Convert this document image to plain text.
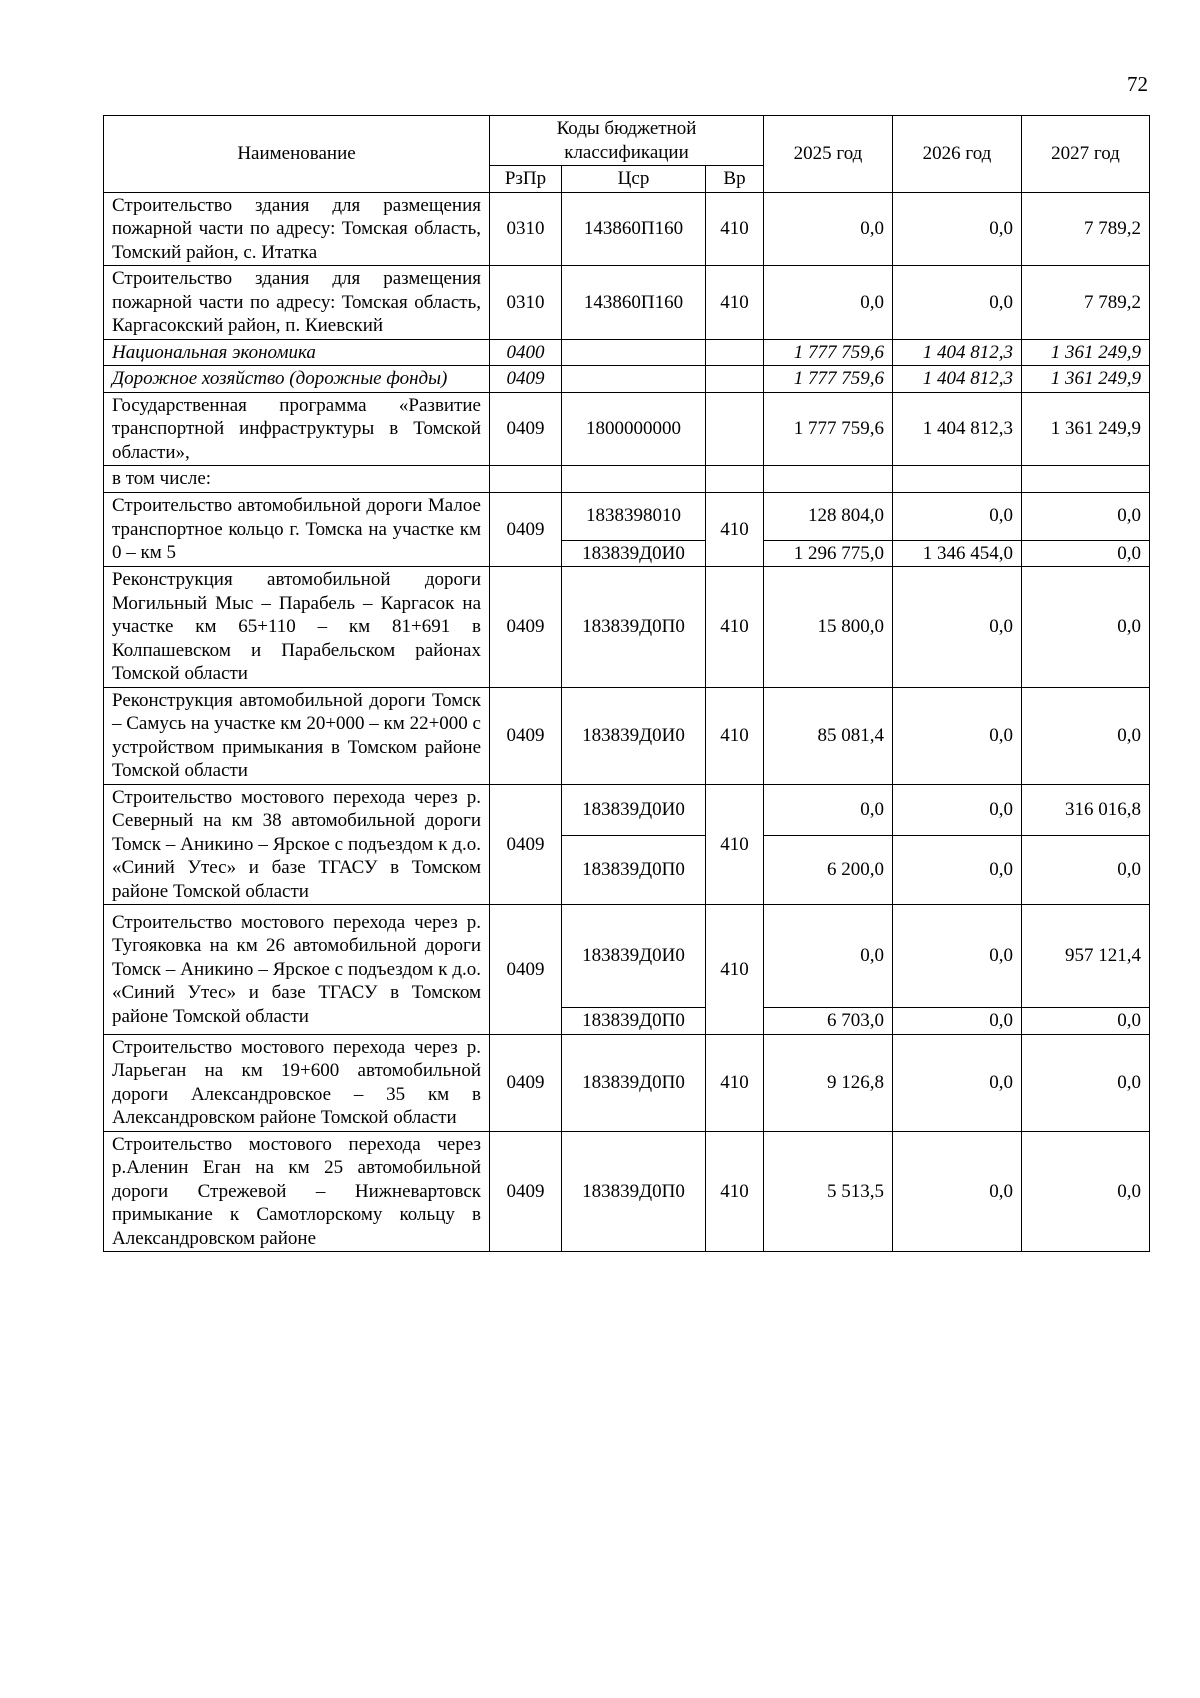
72
Наименование	Коды бюджетной классификации			2025 год	2026 год	2027 год
	РзПр	Цср	Вр			
Строительство здания для размещения пожарной части по адресу: Томская область, Томский район, с. Итатка	0310	143860П160	410	0,0	0,0	7 789,2
Строительство здания для размещения пожарной части по адресу: Томская область, Каргасокский район, п. Киевский	0310	143860П160	410	0,0	0,0	7 789,2
Национальная экономика	0400			1 777 759,6	1 404 812,3	1 361 249,9
Дорожное хозяйство (дорожные фонды)	0409			1 777 759,6	1 404 812,3	1 361 249,9
Государственная программа «Развитие транспортной инфраструктуры в Томской области»,	0409	1800000000		1 777 759,6	1 404 812,3	1 361 249,9
в том числе:						
Строительство автомобильной дороги Малое транспортное кольцо г. Томска на участке км 0 – км 5	0409	1838398010	410	128 804,0	0,0	0,0
		183839Д0И0		1 296 775,0	1 346 454,0	0,0
Реконструкция автомобильной дороги Могильный Мыс – Парабель – Каргасок на участке км 65+110 – км 81+691 в Колпашевском и Парабельском районах Томской области	0409	183839Д0П0	410	15 800,0	0,0	0,0
Реконструкция автомобильной дороги Томск – Самусь на участке км 20+000 – км 22+000 с устройством примыкания в Томском районе Томской области	0409	183839Д0И0	410	85 081,4	0,0	0,0
Строительство мостового перехода через р. Северный на км 38 автомобильной дороги Томск – Аникино – Ярское с подъездом к д.о. «Синий Утес» и базе ТГАСУ в Томском районе Томской области	0409	183839Д0И0	410	0,0	0,0	316 016,8
		183839Д0П0		6 200,0	0,0	0,0
Строительство мостового перехода через р. Тугояковка на км 26 автомобильной дороги Томск – Аникино – Ярское с подъездом к д.о. «Синий Утес» и базе ТГАСУ в Томском районе Томской области	0409	183839Д0И0	410	0,0	0,0	957 121,4
		183839Д0П0		6 703,0	0,0	0,0
Строительство мостового перехода через р. Ларьеган на км 19+600 автомобильной дороги Александровское – 35 км в Александровском районе Томской области	0409	183839Д0П0	410	9 126,8	0,0	0,0
Строительство мостового перехода через р.Аленин Еган на км 25 автомобильной дороги Стрежевой – Нижневартовск примыкание к Самотлорскому кольцу в Александровском районе	0409	183839Д0П0	410	5 513,5	0,0	0,0
